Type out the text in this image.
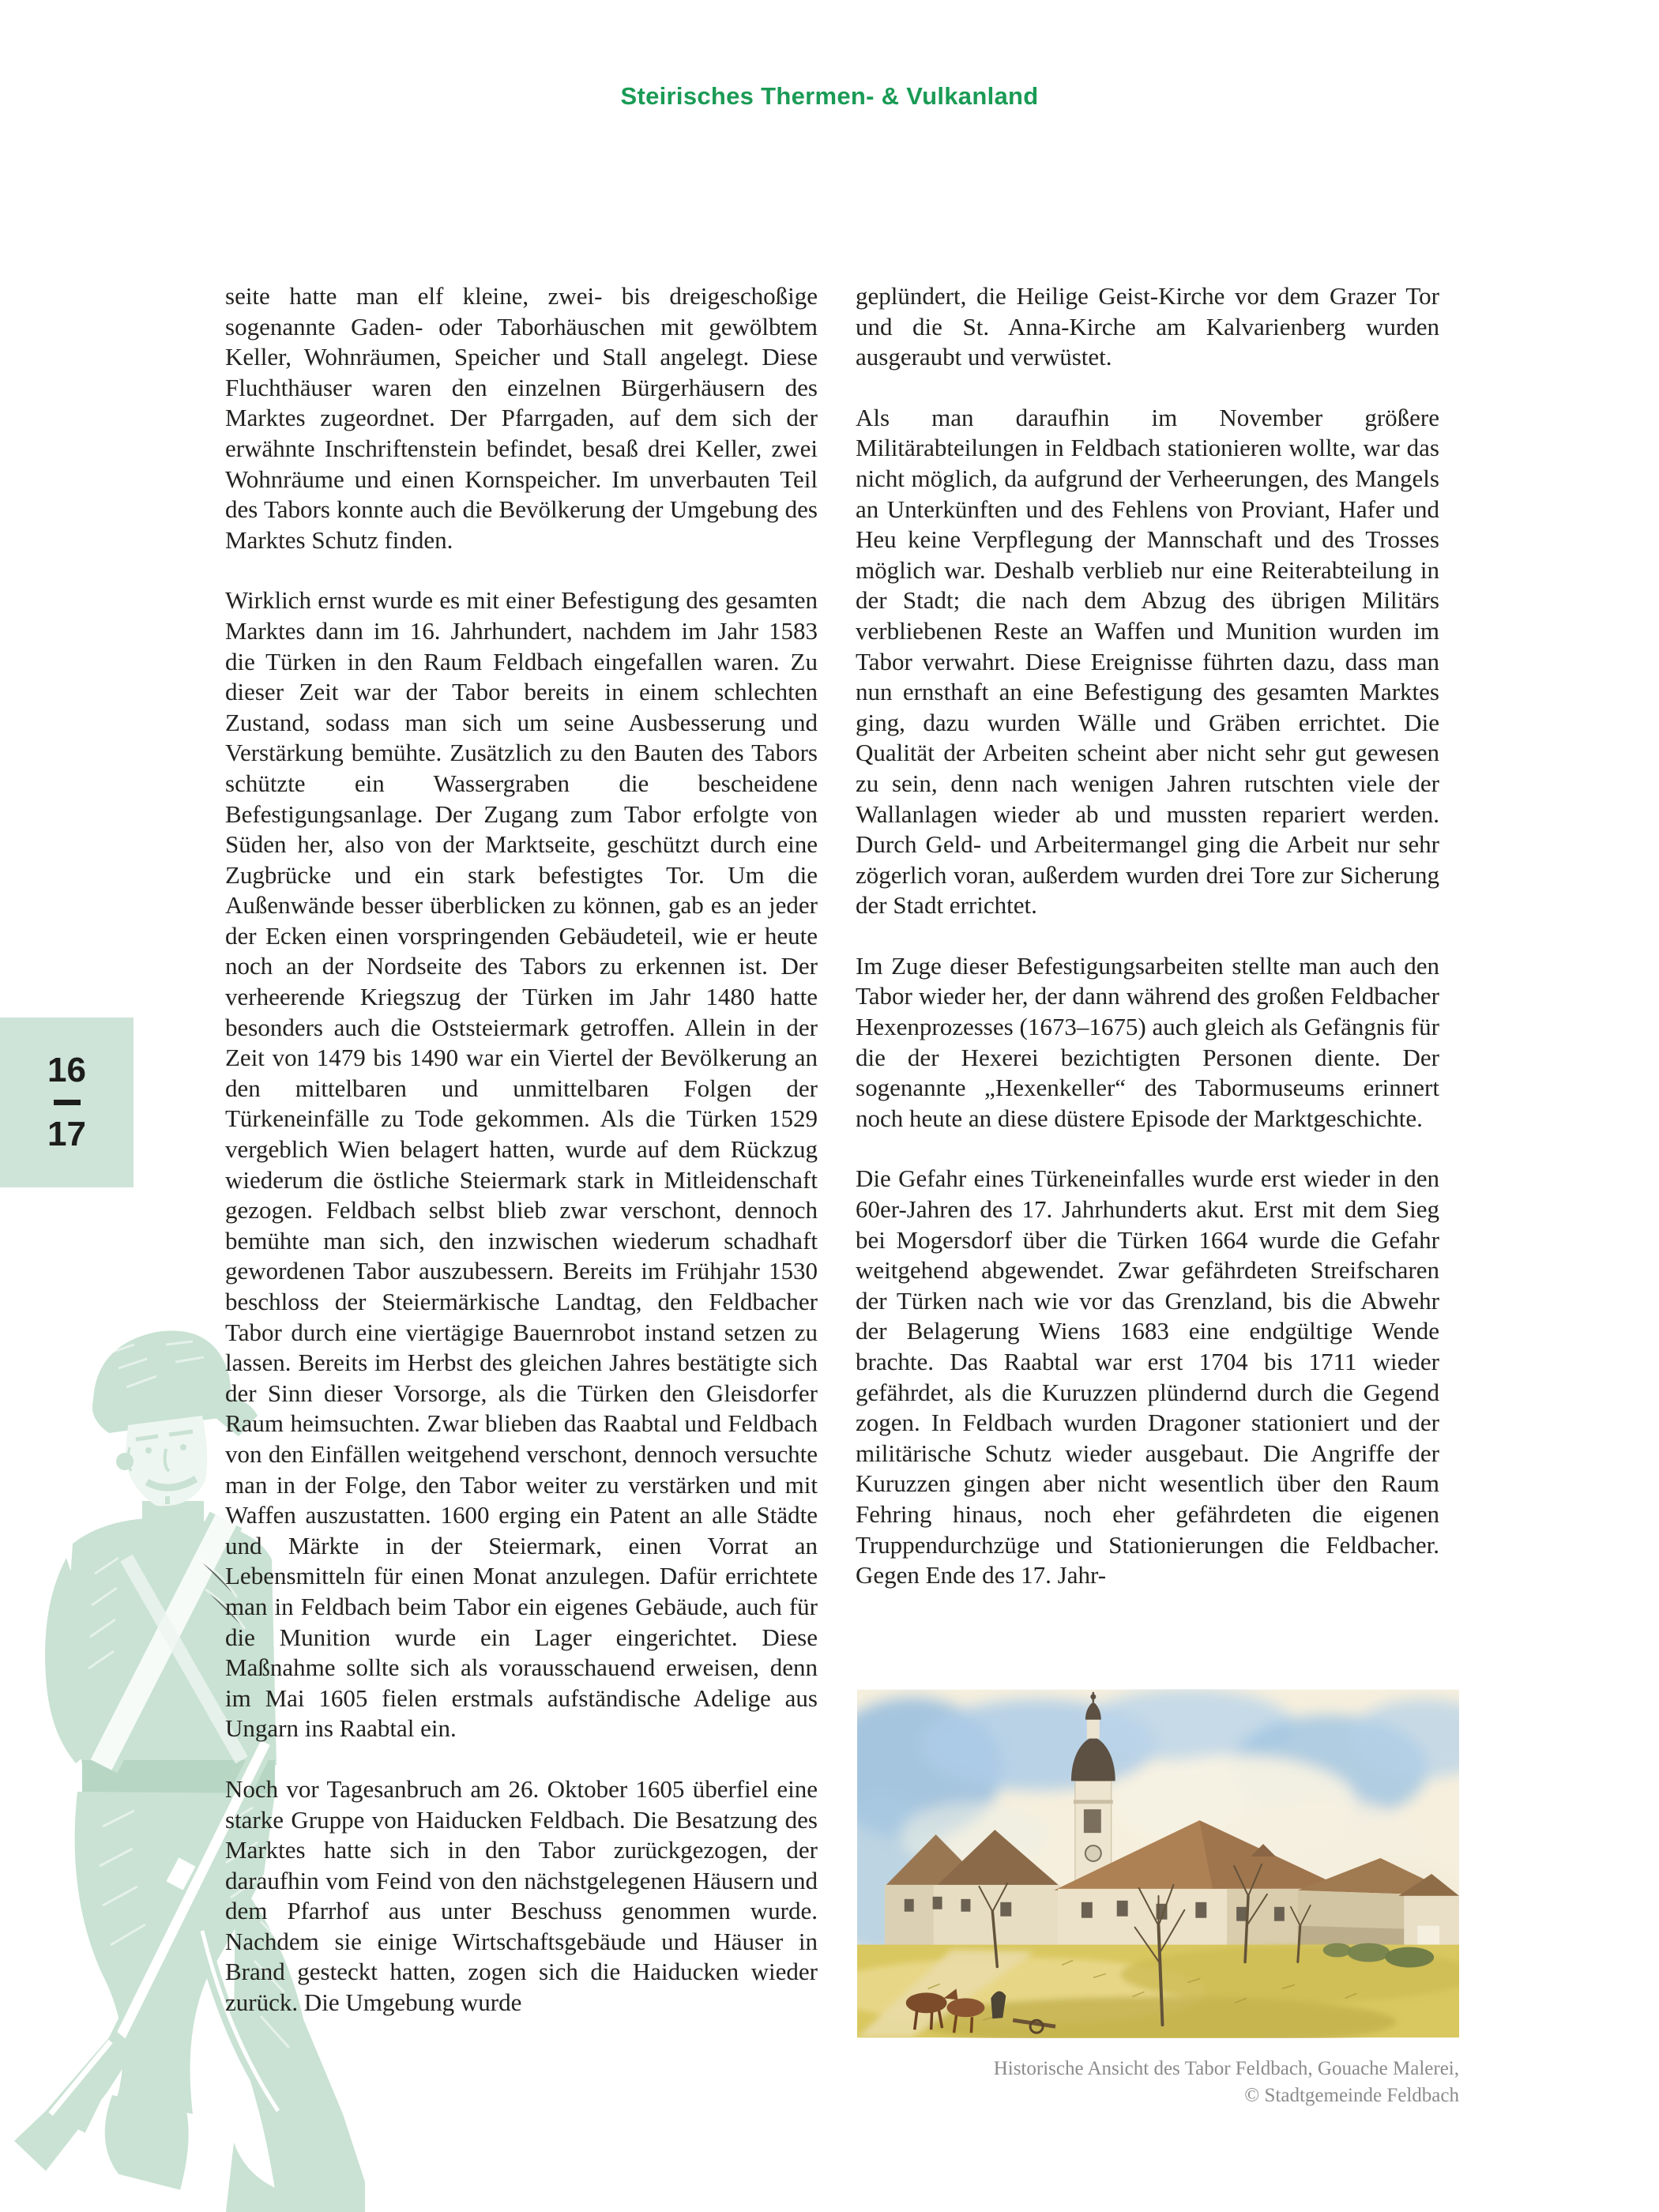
Steirisches Thermen- & Vulkanland
16
17

seite hatte man elf kleine, zwei- bis dreigeschoßige sogenannte Gaden- oder Taborhäuschen mit gewölbtem Keller, Wohnräumen, Speicher und Stall angelegt. Diese Fluchthäuser waren den einzelnen Bürgerhäusern des Marktes zugeordnet. Der Pfarrgaden, auf dem sich der erwähnte Inschriftenstein befindet, besaß drei Keller, zwei Wohnräume und einen Kornspeicher. Im unverbauten Teil des Tabors konnte auch die Bevölkerung der Umgebung des Marktes Schutz finden.

Wirklich ernst wurde es mit einer Befestigung des gesamten Marktes dann im 16. Jahrhundert, nachdem im Jahr 1583 die Türken in den Raum Feldbach eingefallen waren. Zu dieser Zeit war der Tabor bereits in einem schlechten Zustand, sodass man sich um seine Ausbesserung und Verstärkung bemühte. Zusätzlich zu den Bauten des Tabors schützte ein Wassergraben die bescheidene Befestigungsanlage. Der Zugang zum Tabor erfolgte von Süden her, also von der Marktseite, geschützt durch eine Zugbrücke und ein stark befestigtes Tor. Um die Außenwände besser überblicken zu können, gab es an jeder der Ecken einen vorspringenden Gebäudeteil, wie er heute noch an der Nordseite des Tabors zu erkennen ist. Der verheerende Kriegszug der Türken im Jahr 1480 hatte besonders auch die Oststeiermark getroffen. Allein in der Zeit von 1479 bis 1490 war ein Viertel der Bevölkerung an den mittelbaren und unmittelbaren Folgen der Türkeneinfälle zu Tode gekommen. Als die Türken 1529 vergeblich Wien belagert hatten, wurde auf dem Rückzug wiederum die östliche Steiermark stark in Mitleidenschaft gezogen. Feldbach selbst blieb zwar verschont, dennoch bemühte man sich, den inzwischen wiederum schadhaft gewordenen Tabor auszubessern. Bereits im Frühjahr 1530 beschloss der Steiermärkische Landtag, den Feldbacher Tabor durch eine viertägige Bauernrobot instand setzen zu lassen. Bereits im Herbst des gleichen Jahres bestätigte sich der Sinn dieser Vorsorge, als die Türken den Gleisdorfer Raum heimsuchten. Zwar blieben das Raabtal und Feldbach von den Einfällen weitgehend verschont, dennoch versuchte man in der Folge, den Tabor weiter zu verstärken und mit Waffen auszustatten. 1600 erging ein Patent an alle Städte und Märkte in der Steiermark, einen Vorrat an Lebensmitteln für einen Monat anzulegen. Dafür errichtete man in Feldbach beim Tabor ein eigenes Gebäude, auch für die Munition wurde ein Lager eingerichtet. Diese Maßnahme sollte sich als vorausschauend erweisen, denn im Mai 1605 fielen erstmals aufständische Adelige aus Ungarn ins Raabtal ein.

Noch vor Tagesanbruch am 26. Oktober 1605 überfiel eine starke Gruppe von Haiducken Feldbach. Die Besatzung des Marktes hatte sich in den Tabor zurückgezogen, der daraufhin vom Feind von den nächstgelegenen Häusern und dem Pfarrhof aus unter Beschuss genommen wurde. Nachdem sie einige Wirtschaftsgebäude und Häuser in Brand gesteckt hatten, zogen sich die Haiducken wieder zurück. Die Umgebung wurde

geplündert, die Heilige Geist-Kirche vor dem Grazer Tor und die St. Anna-Kirche am Kalvarienberg wurden ausgeraubt und verwüstet.

Als man daraufhin im November größere Militärabteilungen in Feldbach stationieren wollte, war das nicht möglich, da aufgrund der Verheerungen, des Mangels an Unterkünften und des Fehlens von Proviant, Hafer und Heu keine Verpflegung der Mannschaft und des Trosses möglich war. Deshalb verblieb nur eine Reiterabteilung in der Stadt; die nach dem Abzug des übrigen Militärs verbliebenen Reste an Waffen und Munition wurden im Tabor verwahrt. Diese Ereignisse führten dazu, dass man nun ernsthaft an eine Befestigung des gesamten Marktes ging, dazu wurden Wälle und Gräben errichtet. Die Qualität der Arbeiten scheint aber nicht sehr gut gewesen zu sein, denn nach wenigen Jahren rutschten viele der Wallanlagen wieder ab und mussten repariert werden. Durch Geld- und Arbeitermangel ging die Arbeit nur sehr zögerlich voran, außerdem wurden drei Tore zur Sicherung der Stadt errichtet.

Im Zuge dieser Befestigungsarbeiten stellte man auch den Tabor wieder her, der dann während des großen Feldbacher Hexenprozesses (1673–1675) auch gleich als Gefängnis für die der Hexerei bezichtigten Personen diente. Der sogenannte „Hexenkeller“ des Tabormuseums erinnert noch heute an diese düstere Episode der Marktgeschichte.

Die Gefahr eines Türkeneinfalles wurde erst wieder in den 60er-Jahren des 17. Jahrhunderts akut. Erst mit dem Sieg bei Mogersdorf über die Türken 1664 wurde die Gefahr weitgehend abgewendet. Zwar gefährdeten Streifscharen der Türken nach wie vor das Grenzland, bis die Abwehr der Belagerung Wiens 1683 eine endgültige Wende brachte. Das Raabtal war erst 1704 bis 1711 wieder gefährdet, als die Kuruzzen plündernd durch die Gegend zogen. In Feldbach wurden Dragoner stationiert und der militärische Schutz wieder ausgebaut. Die Angriffe der Kuruzzen gingen aber nicht wesentlich über den Raum Fehring hinaus, noch eher gefährdeten die eigenen Truppendurchzüge und Stationierungen die Feldbacher. Gegen Ende des 17. Jahr-

Historische Ansicht des Tabor Feldbach, Gouache Malerei,
© Stadtgemeinde Feldbach
